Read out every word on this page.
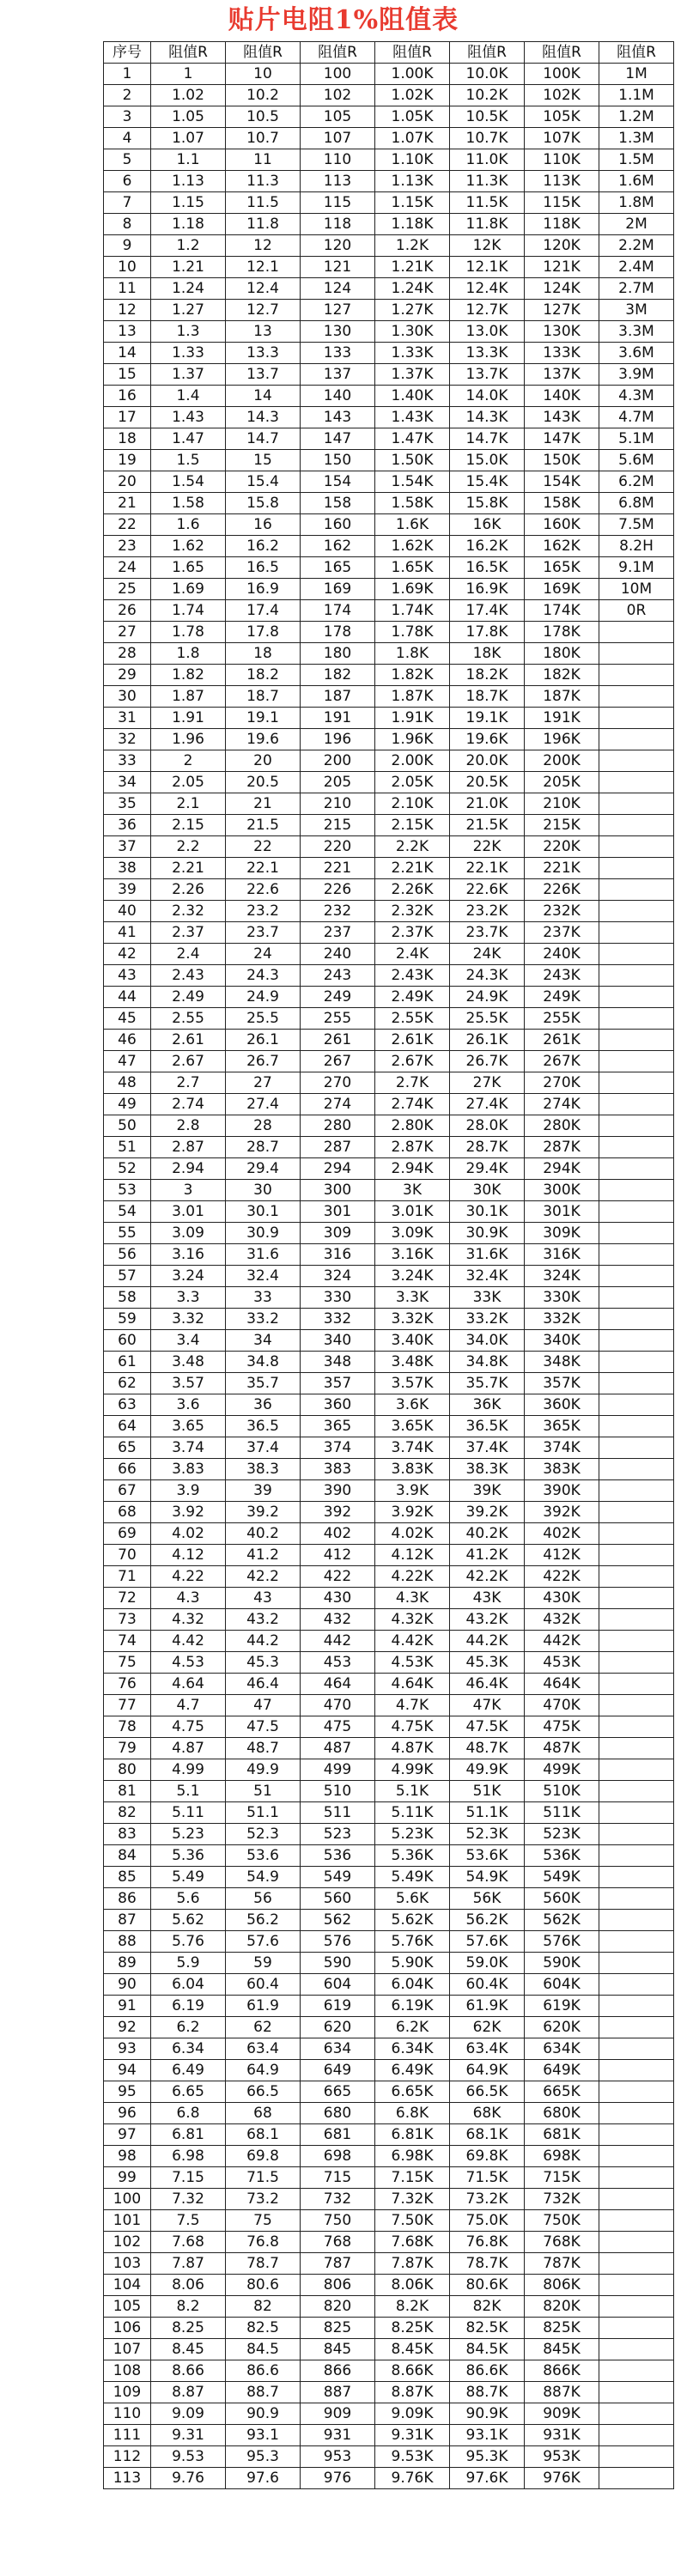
贴片电阻1%阻值表
序号	阻值R	阻值R	阻值R	阻值R	阻值R	阻值R	阻值R
1	1	10	100	1.00K	10.0K	100K	1M
2	1.02	10.2	102	1.02K	10.2K	102K	1.1M
3	1.05	10.5	105	1.05K	10.5K	105K	1.2M
4	1.07	10.7	107	1.07K	10.7K	107K	1.3M
5	1.1	11	110	1.10K	11.0K	110K	1.5M
6	1.13	11.3	113	1.13K	11.3K	113K	1.6M
7	1.15	11.5	115	1.15K	11.5K	115K	1.8M
8	1.18	11.8	118	1.18K	11.8K	118K	2M
9	1.2	12	120	1.2K	12K	120K	2.2M
10	1.21	12.1	121	1.21K	12.1K	121K	2.4M
11	1.24	12.4	124	1.24K	12.4K	124K	2.7M
12	1.27	12.7	127	1.27K	12.7K	127K	3M
13	1.3	13	130	1.30K	13.0K	130K	3.3M
14	1.33	13.3	133	1.33K	13.3K	133K	3.6M
15	1.37	13.7	137	1.37K	13.7K	137K	3.9M
16	1.4	14	140	1.40K	14.0K	140K	4.3M
17	1.43	14.3	143	1.43K	14.3K	143K	4.7M
18	1.47	14.7	147	1.47K	14.7K	147K	5.1M
19	1.5	15	150	1.50K	15.0K	150K	5.6M
20	1.54	15.4	154	1.54K	15.4K	154K	6.2M
21	1.58	15.8	158	1.58K	15.8K	158K	6.8M
22	1.6	16	160	1.6K	16K	160K	7.5M
23	1.62	16.2	162	1.62K	16.2K	162K	8.2H
24	1.65	16.5	165	1.65K	16.5K	165K	9.1M
25	1.69	16.9	169	1.69K	16.9K	169K	10M
26	1.74	17.4	174	1.74K	17.4K	174K	0R
27	1.78	17.8	178	1.78K	17.8K	178K	
28	1.8	18	180	1.8K	18K	180K	
29	1.82	18.2	182	1.82K	18.2K	182K	
30	1.87	18.7	187	1.87K	18.7K	187K	
31	1.91	19.1	191	1.91K	19.1K	191K	
32	1.96	19.6	196	1.96K	19.6K	196K	
33	2	20	200	2.00K	20.0K	200K	
34	2.05	20.5	205	2.05K	20.5K	205K	
35	2.1	21	210	2.10K	21.0K	210K	
36	2.15	21.5	215	2.15K	21.5K	215K	
37	2.2	22	220	2.2K	22K	220K	
38	2.21	22.1	221	2.21K	22.1K	221K	
39	2.26	22.6	226	2.26K	22.6K	226K	
40	2.32	23.2	232	2.32K	23.2K	232K	
41	2.37	23.7	237	2.37K	23.7K	237K	
42	2.4	24	240	2.4K	24K	240K	
43	2.43	24.3	243	2.43K	24.3K	243K	
44	2.49	24.9	249	2.49K	24.9K	249K	
45	2.55	25.5	255	2.55K	25.5K	255K	
46	2.61	26.1	261	2.61K	26.1K	261K	
47	2.67	26.7	267	2.67K	26.7K	267K	
48	2.7	27	270	2.7K	27K	270K	
49	2.74	27.4	274	2.74K	27.4K	274K	
50	2.8	28	280	2.80K	28.0K	280K	
51	2.87	28.7	287	2.87K	28.7K	287K	
52	2.94	29.4	294	2.94K	29.4K	294K	
53	3	30	300	3K	30K	300K	
54	3.01	30.1	301	3.01K	30.1K	301K	
55	3.09	30.9	309	3.09K	30.9K	309K	
56	3.16	31.6	316	3.16K	31.6K	316K	
57	3.24	32.4	324	3.24K	32.4K	324K	
58	3.3	33	330	3.3K	33K	330K	
59	3.32	33.2	332	3.32K	33.2K	332K	
60	3.4	34	340	3.40K	34.0K	340K	
61	3.48	34.8	348	3.48K	34.8K	348K	
62	3.57	35.7	357	3.57K	35.7K	357K	
63	3.6	36	360	3.6K	36K	360K	
64	3.65	36.5	365	3.65K	36.5K	365K	
65	3.74	37.4	374	3.74K	37.4K	374K	
66	3.83	38.3	383	3.83K	38.3K	383K	
67	3.9	39	390	3.9K	39K	390K	
68	3.92	39.2	392	3.92K	39.2K	392K	
69	4.02	40.2	402	4.02K	40.2K	402K	
70	4.12	41.2	412	4.12K	41.2K	412K	
71	4.22	42.2	422	4.22K	42.2K	422K	
72	4.3	43	430	4.3K	43K	430K	
73	4.32	43.2	432	4.32K	43.2K	432K	
74	4.42	44.2	442	4.42K	44.2K	442K	
75	4.53	45.3	453	4.53K	45.3K	453K	
76	4.64	46.4	464	4.64K	46.4K	464K	
77	4.7	47	470	4.7K	47K	470K	
78	4.75	47.5	475	4.75K	47.5K	475K	
79	4.87	48.7	487	4.87K	48.7K	487K	
80	4.99	49.9	499	4.99K	49.9K	499K	
81	5.1	51	510	5.1K	51K	510K	
82	5.11	51.1	511	5.11K	51.1K	511K	
83	5.23	52.3	523	5.23K	52.3K	523K	
84	5.36	53.6	536	5.36K	53.6K	536K	
85	5.49	54.9	549	5.49K	54.9K	549K	
86	5.6	56	560	5.6K	56K	560K	
87	5.62	56.2	562	5.62K	56.2K	562K	
88	5.76	57.6	576	5.76K	57.6K	576K	
89	5.9	59	590	5.90K	59.0K	590K	
90	6.04	60.4	604	6.04K	60.4K	604K	
91	6.19	61.9	619	6.19K	61.9K	619K	
92	6.2	62	620	6.2K	62K	620K	
93	6.34	63.4	634	6.34K	63.4K	634K	
94	6.49	64.9	649	6.49K	64.9K	649K	
95	6.65	66.5	665	6.65K	66.5K	665K	
96	6.8	68	680	6.8K	68K	680K	
97	6.81	68.1	681	6.81K	68.1K	681K	
98	6.98	69.8	698	6.98K	69.8K	698K	
99	7.15	71.5	715	7.15K	71.5K	715K	
100	7.32	73.2	732	7.32K	73.2K	732K	
101	7.5	75	750	7.50K	75.0K	750K	
102	7.68	76.8	768	7.68K	76.8K	768K	
103	7.87	78.7	787	7.87K	78.7K	787K	
104	8.06	80.6	806	8.06K	80.6K	806K	
105	8.2	82	820	8.2K	82K	820K	
106	8.25	82.5	825	8.25K	82.5K	825K	
107	8.45	84.5	845	8.45K	84.5K	845K	
108	8.66	86.6	866	8.66K	86.6K	866K	
109	8.87	88.7	887	8.87K	88.7K	887K	
110	9.09	90.9	909	9.09K	90.9K	909K	
111	9.31	93.1	931	9.31K	93.1K	931K	
112	9.53	95.3	953	9.53K	95.3K	953K	
113	9.76	97.6	976	9.76K	97.6K	976K	
